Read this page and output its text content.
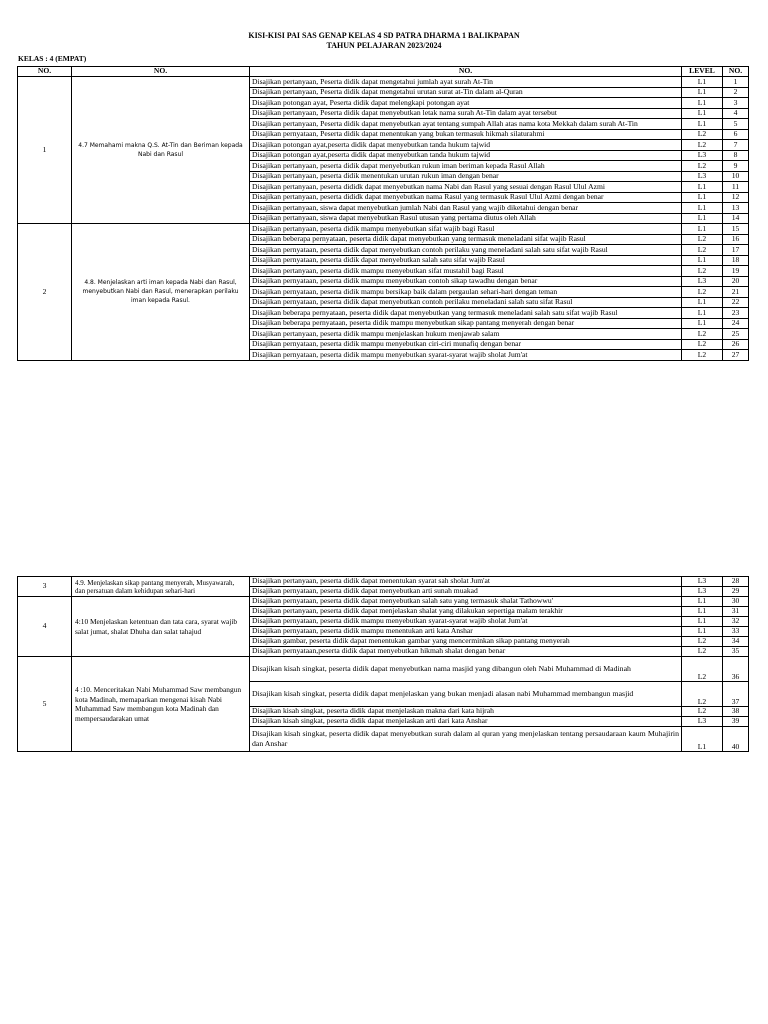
KISI-KISI PAI SAS GENAP KELAS 4 SD PATRA DHARMA 1 BALIKPAPAN
TAHUN PELAJARAN 2023/2024
KELAS : 4 (EMPAT)
NO.	NO.	NO.	LEVEL	NO.
1	4.7 Memahami makna Q.S. At-Tin dan Beriman kepada Nabi dan Rasul	Disajikan pertanyaan, Peserta didik dapat mengetahui jumlah ayat surah At-Tin	L1	1
		Disajikan pertanyaan, Peserta didik dapat mengetahui urutan surat at-Tin dalam al-Quran	L1	2
		Disajikan potongan ayat, Peserta didik dapat melengkapi potongan ayat	L1	3
		Disajikan pertanyaan, Peserta didik dapat menyebutkan letak nama surah At-Tin dalam ayat tersebut	L1	4
		Disajikan pertanyaan, Peserta didik dapat menyebutkan ayat tentang sumpah Allah atas nama kota Mekkah dalam surah At-Tin	L1	5
		Disajikan pernyataan, Peserta didik dapat menentukan yang bukan termasuk hikmah silaturahmi	L2	6
		Disajikan potongan ayat,peserta didik dapat menyebutkan tanda hukum tajwid	L2	7
		Disajikan potongan ayat,peserta didik dapat menyebutkan tanda hukum tajwid	L3	8
		Disajikan pertanyaan, peserta didik dapat menyebutkan rukun iman beriman kepada Rasul Allah	L2	9
		Disajikan pertanyaan, peserta didik menentukan urutan rukun iman dengan benar	L3	10
		Disajikan pertanyaan, peserta dididk dapat menyebutkan nama Nabi dan Rasul yang sesuai dengan Rasul Ulul Azmi	L1	11
		Disajikan pertanyaan, peserta dididk dapat menyebutkan nama Rasul yang termasuk Rasul Ulul Azmi dengan benar	L1	12
		Disajikan pertanyaan, siswa dapat menyebutkan jumlah Nabi dan Rasul yang wajib diketahui dengan benar	L1	13
		Disajikan pertanyaan, siswa dapat menyebutkan Rasul utusan yang pertama diutus oleh Allah	L1	14
2	4.8. Menjelaskan arti iman kepada Nabi dan Rasul, menyebutkan Nabi dan Rasul, menerapkan perilaku iman kepada Rasul.	Disajikan pertanyaan, peserta didik mampu menyebutkan sifat wajib bagi Rasul	L1	15
		Disajikan beberapa pernyataan, peserta didik dapat menyebutkan yang termasuk meneladani sifat wajib Rasul	L2	16
		Disajikan pernyataan, peserta didik dapat menyebutkan contoh perilaku yang meneladani salah satu sifat wajib Rasul	L2	17
		Disajikan pernyataan, peserta didik dapat menyebutkan salah satu sifat wajib Rasul	L1	18
		Disajikan pertanyaan, peserta didik mampu menyebutkan sifat mustahil bagi Rasul	L2	19
		Disajikan pernyataan, peserta didik mampu menyebutkan contoh sikap tawadhu dengan benar	L3	20
		Disajikan pernyataan, peserta didik mampu bersikap baik dalam pergaulan sehari-hari dengan teman	L2	21
		Disajikan pernyataan, peserta didik dapat menyebutkan contoh perilaku meneladani salah satu sifat Rasul	L1	22
		Disajikan beberapa pernyataan, peserta didik dapat menyebutkan yang termasuk meneladani salah satu sifat wajib Rasul	L1	23
		Disajikan beberapa pernyataan, peserta didik mampu menyebutkan sikap pantang menyerah dengan benar	L1	24
		Disajikan pertanyaan, peserta didik mampu menjelaskan hukum menjawab salam	L2	25
		Disajikan pernyataan, peserta didik mampu menyebutkan ciri-ciri munafiq dengan benar	L2	26
		Disajikan pernyataan, peserta didik mampu menyebutkan syarat-syarat wajib sholat Jum'at	L2	27
3	4.9. Menjelaskan sikap pantang menyerah, Musyawarah, dan persatuan dalam kehidupan sehari-hari	Disajikan pertanyaan, peserta didik dapat menentukan syarat sah sholat Jum'at	L3	28
		Disajikan pernyataan, peserta didik dapat menyebutkan arti sunah muakad	L3	29
4	4:10 Menjelaskan ketentuan dan tata cara, syarat wajib salat jumat, shalat Dhuha dan salat tahajud	Disajikan pernyataan, peserta didik dapat menyebutkan salah satu yang termasuk shalat Tathowwu'	L1	30
		Disajikan pertanyaan, peserta didik dapat menjelaskan shalat yang dilakukan sepertiga malam terakhir	L1	31
		Disajikan pernyataan, peserta didik mampu menyebutkan syarat-syarat wajib sholat Jum'at	L1	32
		Disajikan pernyataan, peserta didik mampu menentukan arti kata Anshar	L1	33
		Disajikan gambar, peserta didik dapat menentukan gambar yang mencerminkan sikap pantang menyerah	L2	34
		Disajikan pernyataan,peserta didik dapat menyebutkan hikmah shalat dengan benar	L2	35
5	4 :10. Menceritakan Nabi Muhammad Saw membangun kota Madinah, memaparkan mengenai kisah Nabi Muhammad Saw membangun kota Madinah dan mempersaudarakan umat	Disajikan kisah singkat, peserta didik dapat menyebutkan nama masjid yang dibangun oleh Nabi Muhammad di Madinah	L2	36
		Disajikan kisah singkat, peserta didik dapat menjelaskan yang bukan menjadi alasan nabi Muhammad membangun masjid	L2	37
		Disajikan kisah singkat, peserta didik dapat menjelaskan makna dari kata hijrah	L2	38
		Disajikan kisah singkat, peserta didik dapat menjelaskan arti dari kata Anshar	L3	39
		Disajikan kisah singkat, peserta didik dapat menyebutkan surah dalam al quran yang menjelaskan tentang persaudaraan kaum Muhajirin dan Anshar	L1	40
